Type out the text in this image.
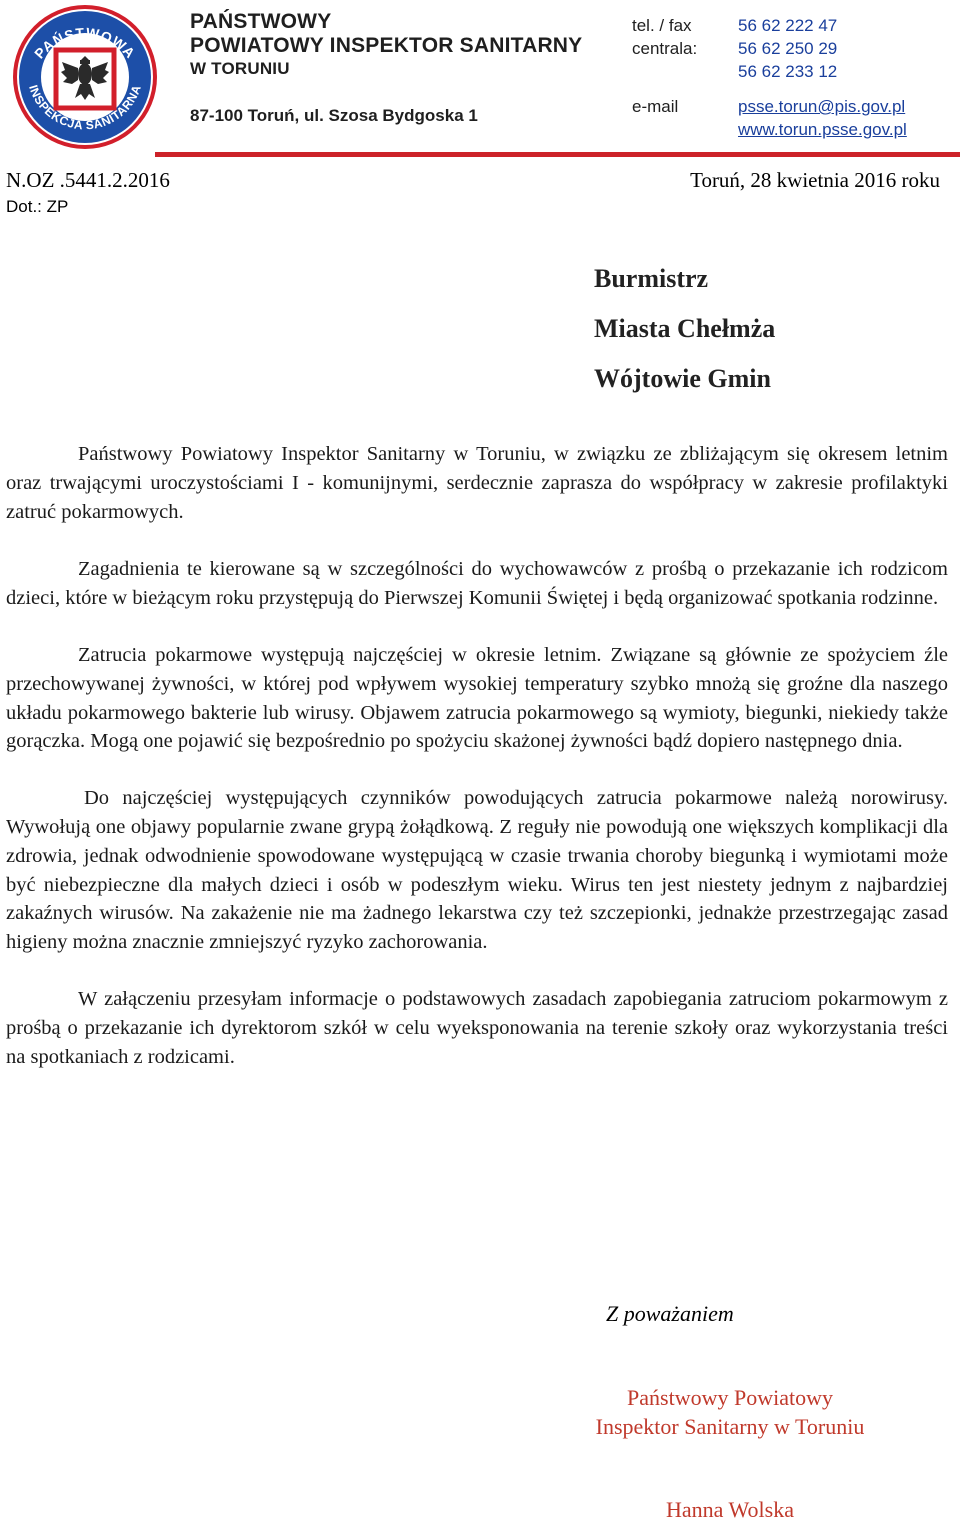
PAŃSTWOWA
INSPEKCJA SANITARNA
PAŃSTWOWY
POWIATOWY INSPEKTOR SANITARNY
W TORUNIU
87-100 Toruń, ul. Szosa Bydgoska 1
tel. / fax
centrala:
e-mail
56 62 222 47
56 62 250 29
56 62 233 12
psse.torun@pis.gov.pl
www.torun.psse.gov.pl
N.OZ .5441.2.2016	Toruń, 28 kwietnia 2016 roku
Dot.: ZP
Burmistrz
Miasta Chełmża
Wójtowie Gmin

Państwowy Powiatowy Inspektor Sanitarny w Toruniu, w związku ze zbliżającym się okresem letnim oraz trwającymi uroczystościami I - komunijnymi, serdecznie zaprasza do współpracy w zakresie profilaktyki zatruć pokarmowych.

Zagadnienia te kierowane są w szczególności do wychowawców z prośbą o przekazanie ich rodzicom dzieci, które w bieżącym roku przystępują do Pierwszej Komunii Świętej i będą organizować spotkania rodzinne.

Zatrucia pokarmowe występują najczęściej w okresie letnim. Związane są głównie ze spożyciem źle przechowywanej żywności, w której pod wpływem wysokiej temperatury szybko mnożą się groźne dla naszego układu pokarmowego bakterie lub wirusy. Objawem zatrucia pokarmowego są wymioty, biegunki, niekiedy także gorączka. Mogą one pojawić się bezpośrednio po spożyciu skażonej żywności bądź dopiero następnego dnia.

Do najczęściej występujących czynników powodujących zatrucia pokarmowe należą norowirusy. Wywołują one objawy popularnie zwane grypą żołądkową. Z reguły nie powodują one większych komplikacji dla zdrowia, jednak odwodnienie spowodowane występującą w czasie trwania choroby biegunką i wymiotami może być niebezpieczne dla małych dzieci i osób w podeszłym wieku. Wirus ten jest niestety jednym z najbardziej zakaźnych wirusów. Na zakażenie nie ma żadnego lekarstwa czy też szczepionki, jednakże przestrzegając zasad higieny można znacznie zmniejszyć ryzyko zachorowania.

W załączeniu przesyłam informacje o podstawowych zasadach zapobiegania zatruciom pokarmowym z prośbą o przekazanie ich dyrektorom szkół w celu wyeksponowania na terenie szkoły oraz wykorzystania treści na spotkaniach z rodzicami.

Z poważaniem
Państwowy Powiatowy
Inspektor Sanitarny w Toruniu
Hanna Wolska
